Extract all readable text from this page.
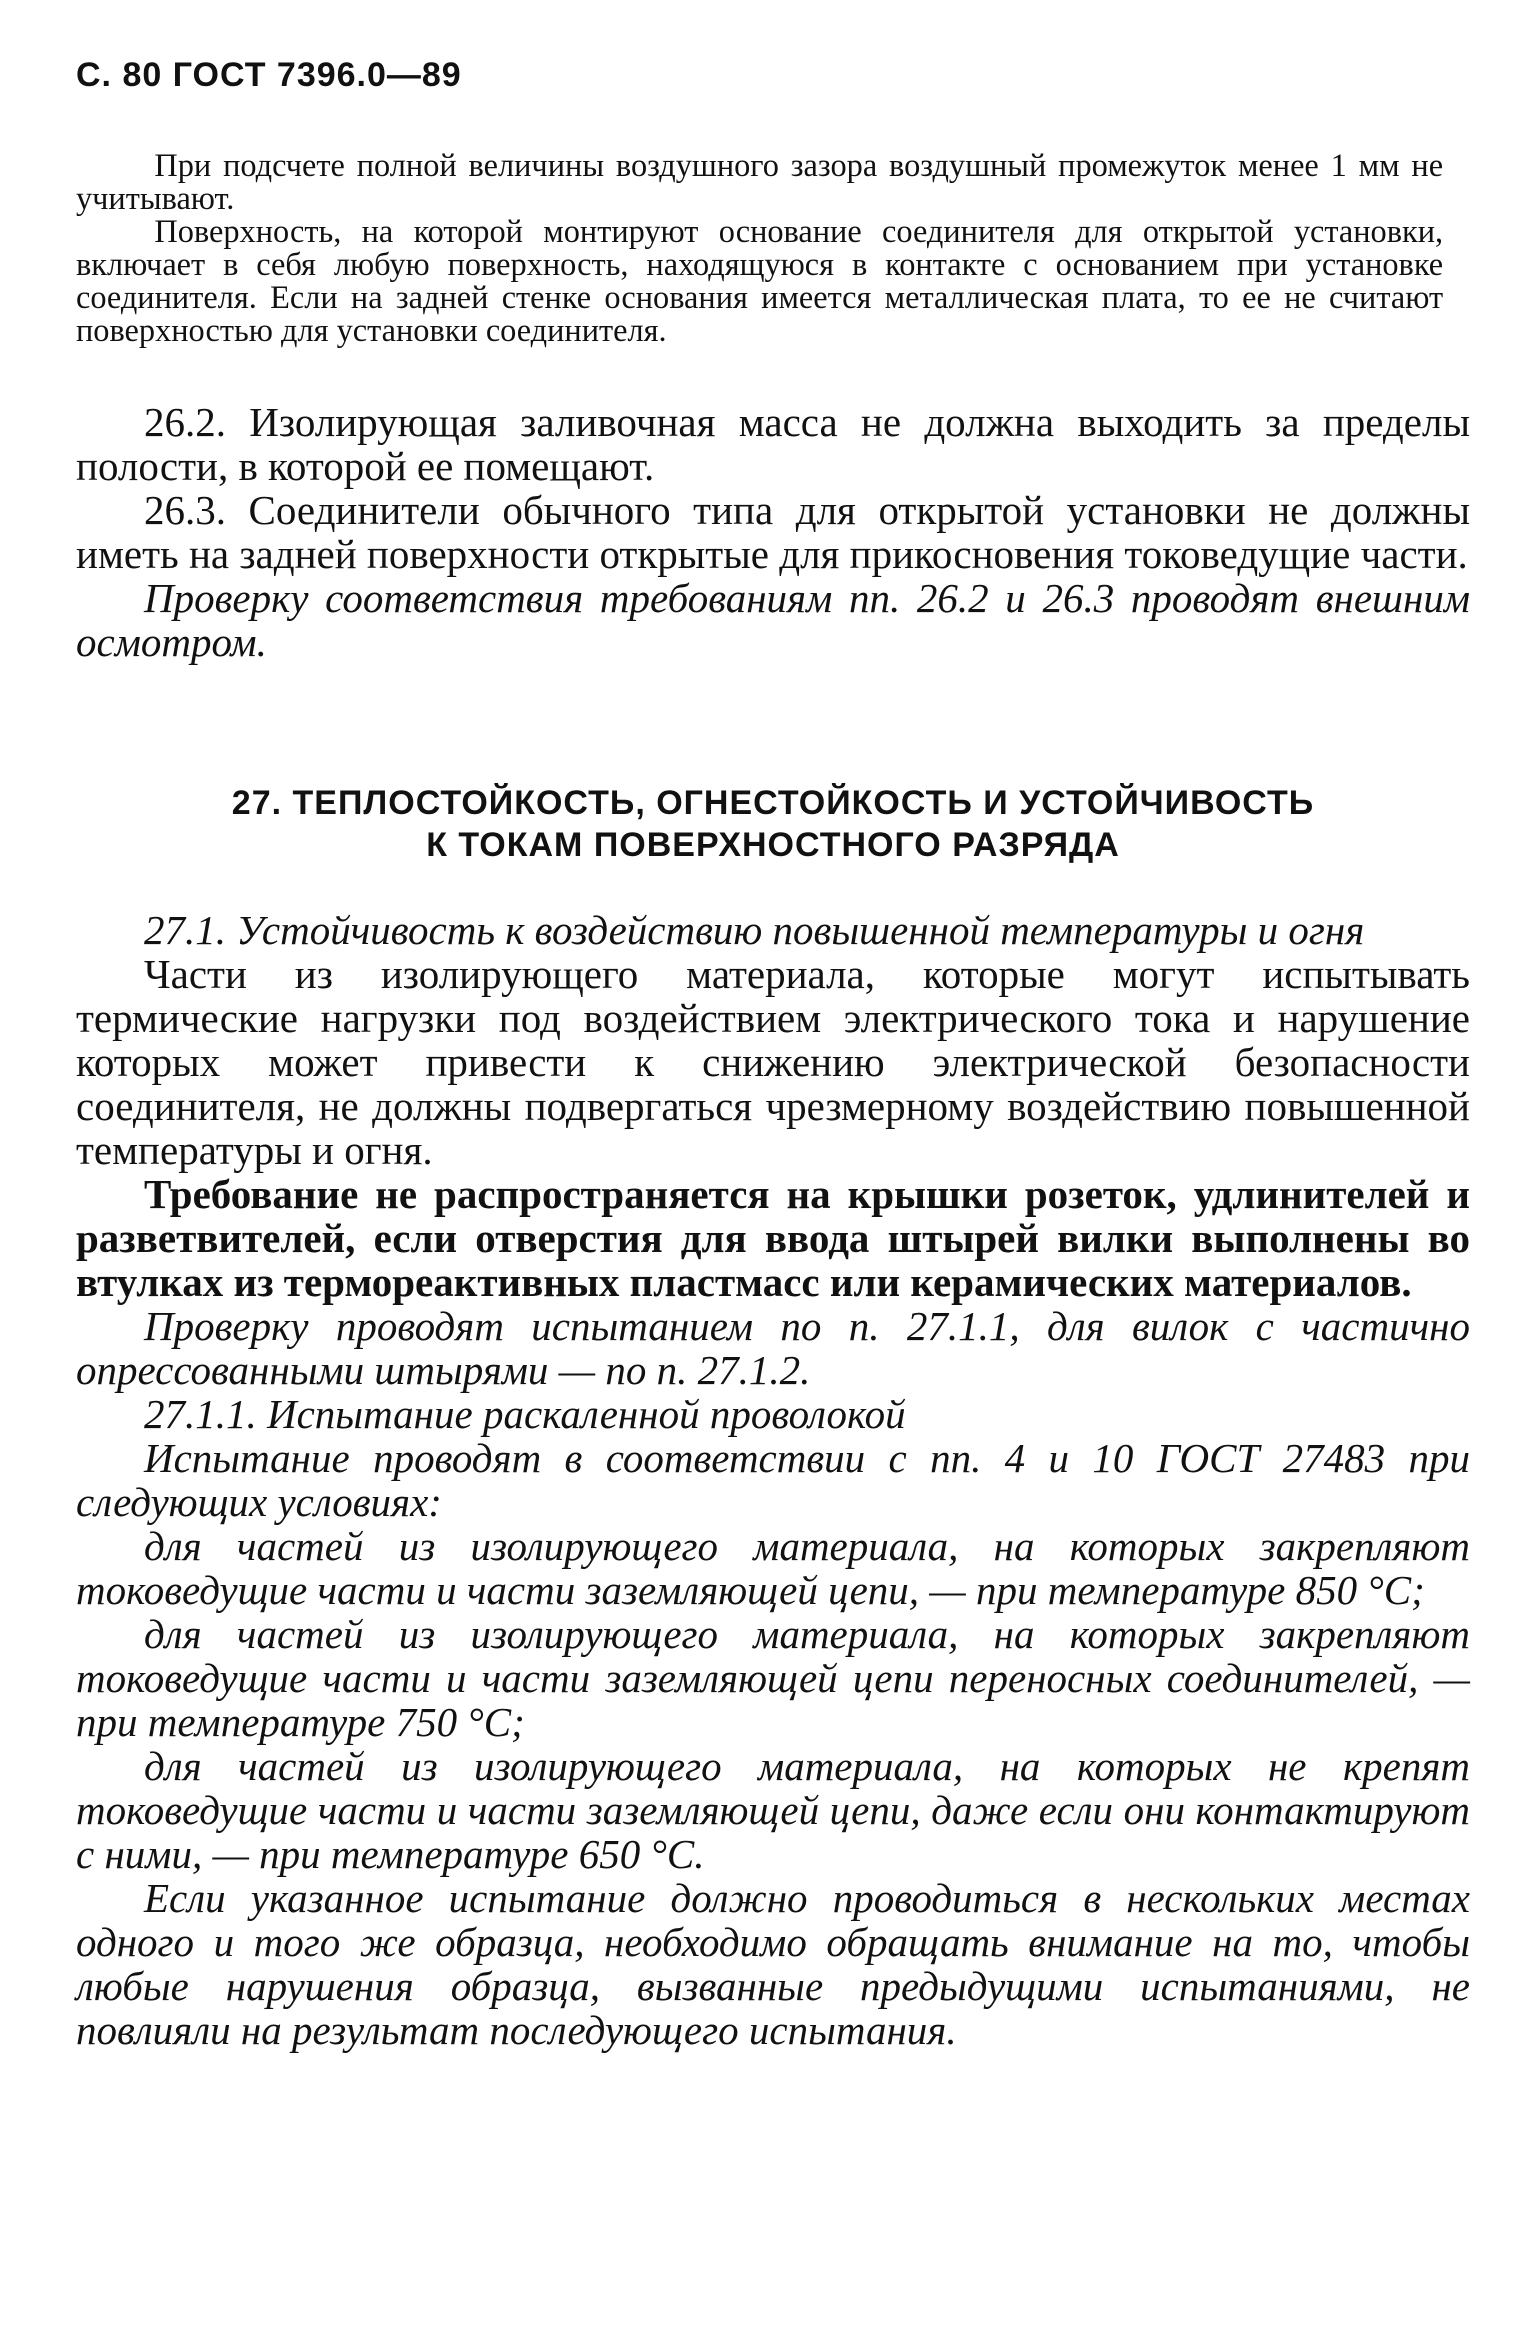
С. 80 ГОСТ 7396.0—89

При подсчете полной величины воздушного зазора воздушный промежуток менее 1 мм не учитывают.

Поверхность, на которой монтируют основание соединителя для открытой установки, включает в себя любую поверхность, находящуюся в контакте с основанием при установке соединителя. Если на задней стенке основания имеется металлическая плата, то ее не считают поверхностью для установки соединителя.

26.2. Изолирующая заливочная масса не должна выходить за пределы полости, в которой ее помещают.

26.3. Соединители обычного типа для открытой установки не должны иметь на задней поверхности открытые для прикосновения токоведущие части.

Проверку соответствия требованиям пп. 26.2 и 26.3 проводят внешним осмотром.

27. ТЕПЛОСТОЙКОСТЬ, ОГНЕСТОЙКОСТЬ И УСТОЙЧИВОСТЬ
К ТОКАМ ПОВЕРХНОСТНОГО РАЗРЯДА

27.1. Устойчивость к воздействию повышенной температуры и огня

Части из изолирующего материала, которые могут испытывать термические нагрузки под воздействием электрического тока и нарушение которых может привести к снижению электрической безопасности соединителя, не должны подвергаться чрезмерному воздействию повышенной температуры и огня.

Требование не распространяется на крышки розеток, удлинителей и разветвителей, если отверстия для ввода штырей вилки выполнены во втулках из термореактивных пластмасс или керамических материалов.

Проверку проводят испытанием по п. 27.1.1, для вилок с частично опрессованными штырями — по п. 27.1.2.

27.1.1. Испытание раскаленной проволокой

Испытание проводят в соответствии с пп. 4 и 10 ГОСТ 27483 при следующих условиях:

для частей из изолирующего материала, на которых закрепляют токоведущие части и части заземляющей цепи, — при температуре 850 °С;

для частей из изолирующего материала, на которых закрепляют токоведущие части и части заземляющей цепи переносных соединителей, — при температуре 750 °С;

для частей из изолирующего материала, на которых не крепят токоведущие части и части заземляющей цепи, даже если они контактируют с ними, — при температуре 650 °С.

Если указанное испытание должно проводиться в нескольких местах одного и того же образца, необходимо обращать внимание на то, чтобы любые нарушения образца, вызванные предыдущими испытаниями, не повлияли на результат последующего испытания.
